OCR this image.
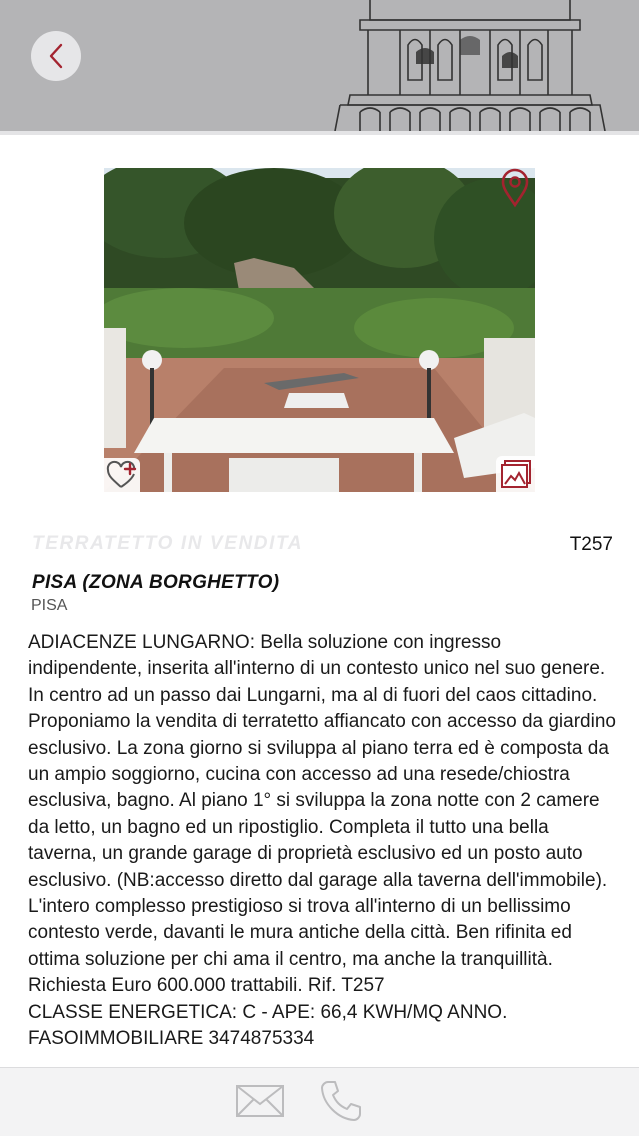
TERRATETTO IN VENDITA	T257
PISA (ZONA BORGHETTO)
PISA
ADIACENZE LUNGARNO: Bella soluzione con ingresso indipendente, inserita all'interno di un contesto unico nel suo genere. In centro ad un passo dai Lungarni, ma al di fuori del caos cittadino. Proponiamo la vendita di terratetto affiancato con accesso da giardino esclusivo. La zona giorno si sviluppa al piano terra ed è composta da un ampio soggiorno, cucina con accesso ad una resede/chiostra esclusiva, bagno. Al piano 1° si sviluppa la zona notte con 2 camere da letto, un bagno ed un ripostiglio. Completa il tutto una bella taverna, un grande garage di proprietà esclusivo ed un posto auto esclusivo. (NB:accesso diretto dal garage alla taverna dell'immobile). L'intero complesso prestigioso si trova all'interno di un bellissimo contesto verde, davanti le mura antiche della città. Ben rifinita ed ottima soluzione per chi ama il centro, ma anche la tranquillità. Richiesta Euro 600.000 trattabili. Rif. T257
CLASSE ENERGETICA: C - APE: 66,4 KWH/MQ ANNO.
FASOIMMOBILIARE 3474875334
